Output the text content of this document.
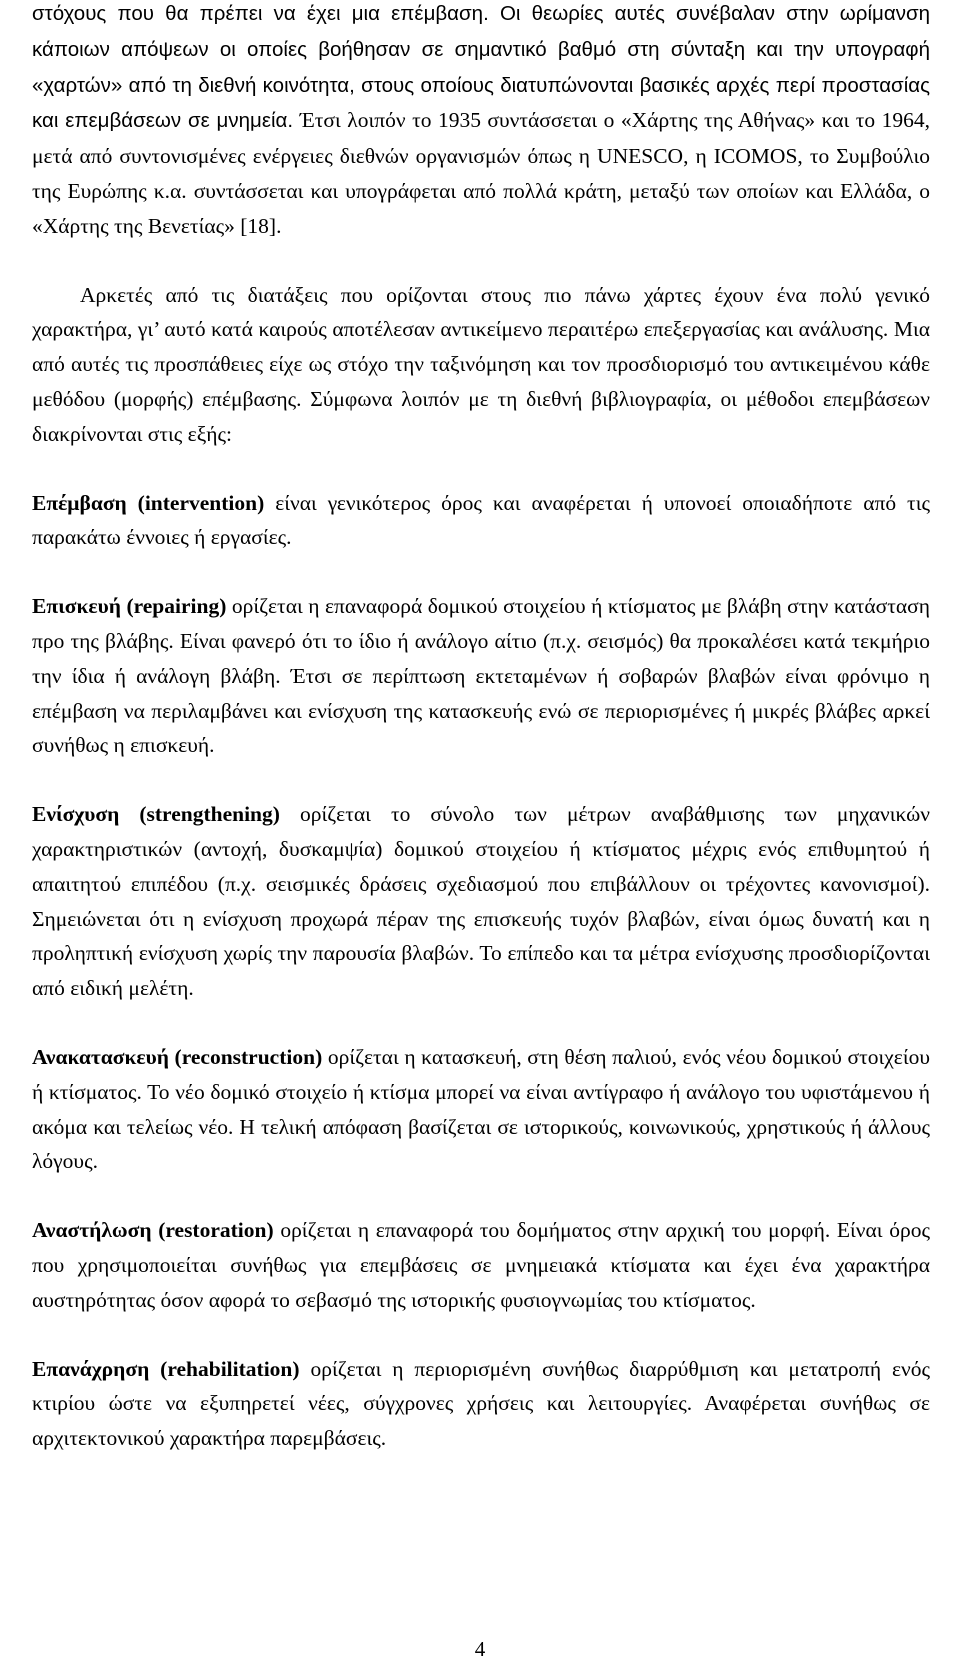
στόχους που θα πρέπει να έχει μια επέμβαση. Οι θεωρίες αυτές συνέβαλαν στην ωρίμανση κάποιων απόψεων οι οποίες βοήθησαν σε σημαντικό βαθμό στη σύνταξη και την υπογραφή «χαρτών» από τη διεθνή κοινότητα, στους οποίους διατυπώνονται βασικές αρχές περί προστασίας και επεμβάσεων σε μνημεία. Έτσι λοιπόν το 1935 συντάσσεται ο «Χάρτης της Αθήνας» και το 1964, μετά από συντονισμένες ενέργειες διεθνών οργανισμών όπως η UNESCO, η ICOMOS, το Συμβούλιο της Ευρώπης κ.α. συντάσσεται και υπογράφεται από πολλά κράτη, μεταξύ των οποίων και Ελλάδα, ο «Χάρτης της Βενετίας» [18].

Αρκετές από τις διατάξεις που ορίζονται στους πιο πάνω χάρτες έχουν ένα πολύ γενικό χαρακτήρα, γι’ αυτό κατά καιρούς αποτέλεσαν αντικείμενο περαιτέρω επεξεργασίας και ανάλυσης. Μια από αυτές τις προσπάθειες είχε ως στόχο την ταξινόμηση και τον προσδιορισμό του αντικειμένου κάθε μεθόδου (μορφής) επέμβασης. Σύμφωνα λοιπόν με τη διεθνή βιβλιογραφία, οι μέθοδοι επεμβάσεων διακρίνονται στις εξής:

Επέμβαση (intervention) είναι γενικότερος όρος και αναφέρεται ή υπονοεί οποιαδήποτε από τις παρακάτω έννοιες ή εργασίες.

Επισκευή (repairing) ορίζεται η επαναφορά δομικού στοιχείου ή κτίσματος με βλάβη στην κατάσταση προ της βλάβης. Είναι φανερό ότι το ίδιο ή ανάλογο αίτιο (π.χ. σεισμός) θα προκαλέσει κατά τεκμήριο την ίδια ή ανάλογη βλάβη. Έτσι σε περίπτωση εκτεταμένων ή σοβαρών βλαβών είναι φρόνιμο η επέμβαση να περιλαμβάνει και ενίσχυση της κατασκευής ενώ σε περιορισμένες ή μικρές βλάβες αρκεί συνήθως η επισκευή.

Ενίσχυση (strengthening) ορίζεται το σύνολο των μέτρων αναβάθμισης των μηχανικών χαρακτηριστικών (αντοχή, δυσκαμψία) δομικού στοιχείου ή κτίσματος μέχρις ενός επιθυμητού ή απαιτητού επιπέδου (π.χ. σεισμικές δράσεις σχεδιασμού που επιβάλλουν οι τρέχοντες κανονισμοί). Σημειώνεται ότι η ενίσχυση προχωρά πέραν της επισκευής τυχόν βλαβών, είναι όμως δυνατή και η προληπτική ενίσχυση χωρίς την παρουσία βλαβών. Το επίπεδο και τα μέτρα ενίσχυσης προσδιορίζονται από ειδική μελέτη.

Ανακατασκευή (reconstruction) ορίζεται η κατασκευή, στη θέση παλιού, ενός νέου δομικού στοιχείου ή κτίσματος. Το νέο δομικό στοιχείο ή κτίσμα μπορεί να είναι αντίγραφο ή ανάλογο του υφιστάμενου ή ακόμα και τελείως νέο. Η τελική απόφαση βασίζεται σε ιστορικούς, κοινωνικούς, χρηστικούς ή άλλους λόγους.

Αναστήλωση (restoration) ορίζεται η επαναφορά του δομήματος στην αρχική του μορφή. Είναι όρος που χρησιμοποιείται συνήθως για επεμβάσεις σε μνημειακά κτίσματα και έχει ένα χαρακτήρα αυστηρότητας όσον αφορά το σεβασμό της ιστορικής φυσιογνωμίας του κτίσματος.

Επανάχρηση (rehabilitation) ορίζεται η περιορισμένη συνήθως διαρρύθμιση και μετατροπή ενός κτιρίου ώστε να εξυπηρετεί νέες, σύγχρονες χρήσεις και λειτουργίες. Αναφέρεται συνήθως σε αρχιτεκτονικού χαρακτήρα παρεμβάσεις.

4
